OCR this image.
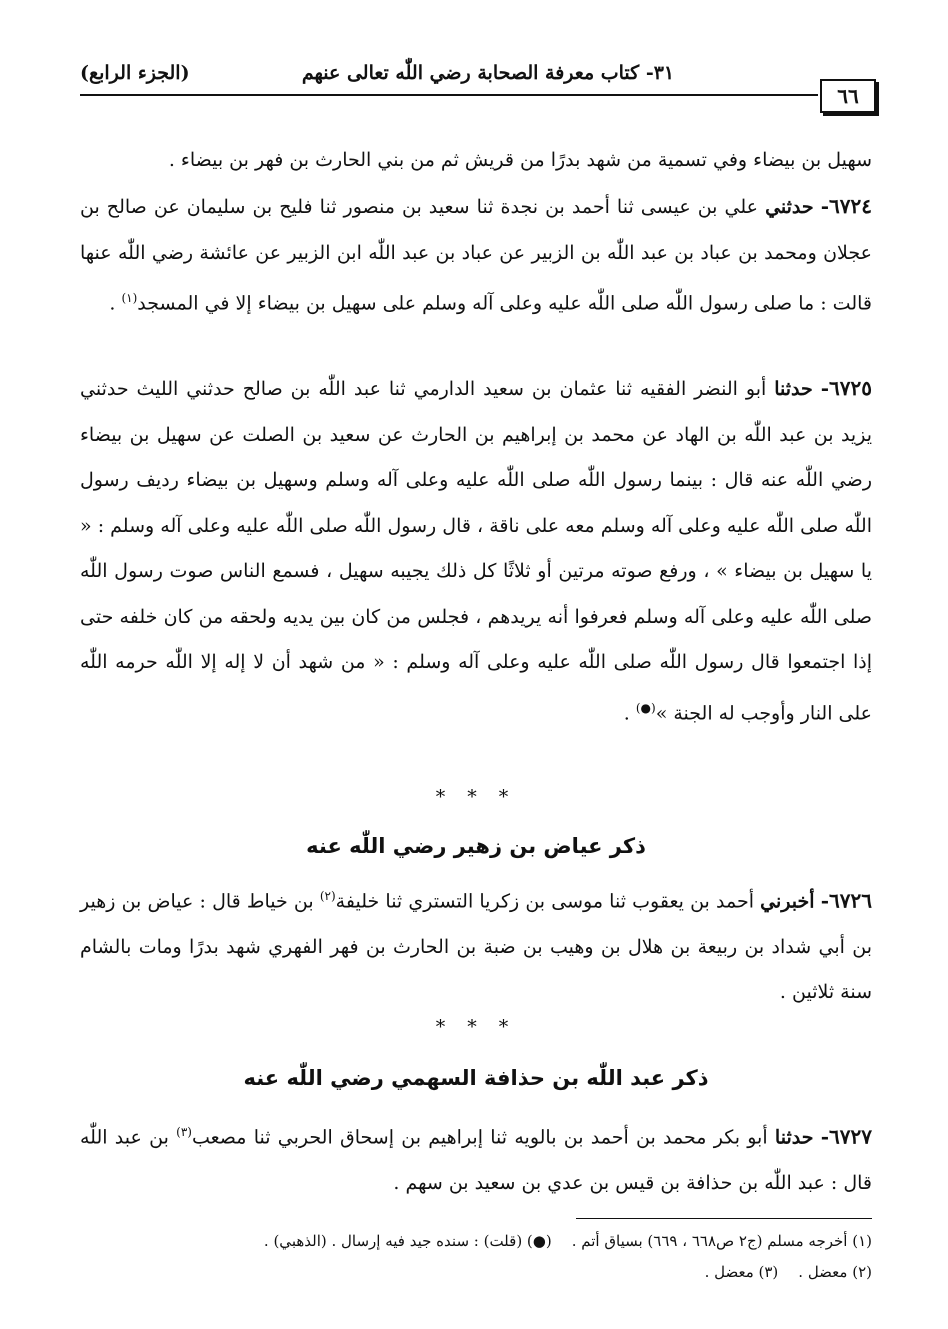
٦٦
٣١- كتاب معرفة الصحابة رضي اللّٰه تعالى عنهم
(الجزء الرابع)
سهيل بن بيضاء وفي تسمية من شهد بدرًا من قريش ثم من بني الحارث بن فهر بن بيضاء .
٦٧٢٤- حدثني علي بن عيسى ثنا أحمد بن نجدة ثنا سعيد بن منصور ثنا فليح بن سليمان عن صالح بن عجلان ومحمد بن عباد بن عبد اللّٰه بن الزبير عن عباد بن عبد اللّٰه ابن الزبير عن عائشة رضي اللّٰه عنها قالت : ما صلى رسول اللّٰه صلى اللّٰه عليه وعلى آله وسلم على سهيل بن بيضاء إلا في المسجد$^{(١)}$ .
٦٧٢٥- حدثنا أبو النضر الفقيه ثنا عثمان بن سعيد الدارمي ثنا عبد اللّٰه بن صالح حدثني الليث حدثني يزيد بن عبد اللّٰه بن الهاد عن محمد بن إبراهيم بن الحارث عن سعيد بن الصلت عن سهيل بن بيضاء رضي اللّٰه عنه قال : بينما رسول اللّٰه صلى اللّٰه عليه وعلى آله وسلم وسهيل بن بيضاء رديف رسول اللّٰه صلى اللّٰه عليه وعلى آله وسلم معه على ناقة ، قال رسول اللّٰه صلى اللّٰه عليه وعلى آله وسلم : « يا سهيل بن بيضاء » ، ورفع صوته مرتين أو ثلاثًا كل ذلك يجيبه سهيل ، فسمع الناس صوت رسول اللّٰه صلى اللّٰه عليه وعلى آله وسلم فعرفوا أنه يريدهم ، فجلس من كان بين يديه ولحقه من كان خلفه حتى إذا اجتمعوا قال رسول اللّٰه صلى اللّٰه عليه وعلى آله وسلم : « من شهد أن لا إله إلا اللّٰه حرمه اللّٰه على النار وأوجب له الجنة »(●) .
* * *
ذكر عياض بن زهير رضي اللّٰه عنه
٦٧٢٦- أخبرني أحمد بن يعقوب ثنا موسى بن زكريا التستري ثنا خليفة$^{(٢)}$ بن خياط قال : عياض بن زهير بن أبي شداد بن ربيعة بن هلال بن وهيب بن ضبة بن الحارث بن فهر الفهري شهد بدرًا ومات بالشام سنة ثلاثين .
* * *
ذكر عبد اللّٰه بن حذافة السهمي رضي اللّٰه عنه
٦٧٢٧- حدثنا أبو بكر محمد بن أحمد بن بالويه ثنا إبراهيم بن إسحاق الحربي ثنا مصعب$^{(٣)}$ بن عبد اللّٰه قال : عبد اللّٰه بن حذافة بن قيس بن عدي بن سعيد بن سهم .
(١) أخرجه مسلم (ج٢ ص٦٦٨ ، ٦٦٩) بسياق أتم .
(●) (قلت) : سنده جيد فيه إرسال . (الذهبي) .
(٢) معضل .
(٣) معضل .
